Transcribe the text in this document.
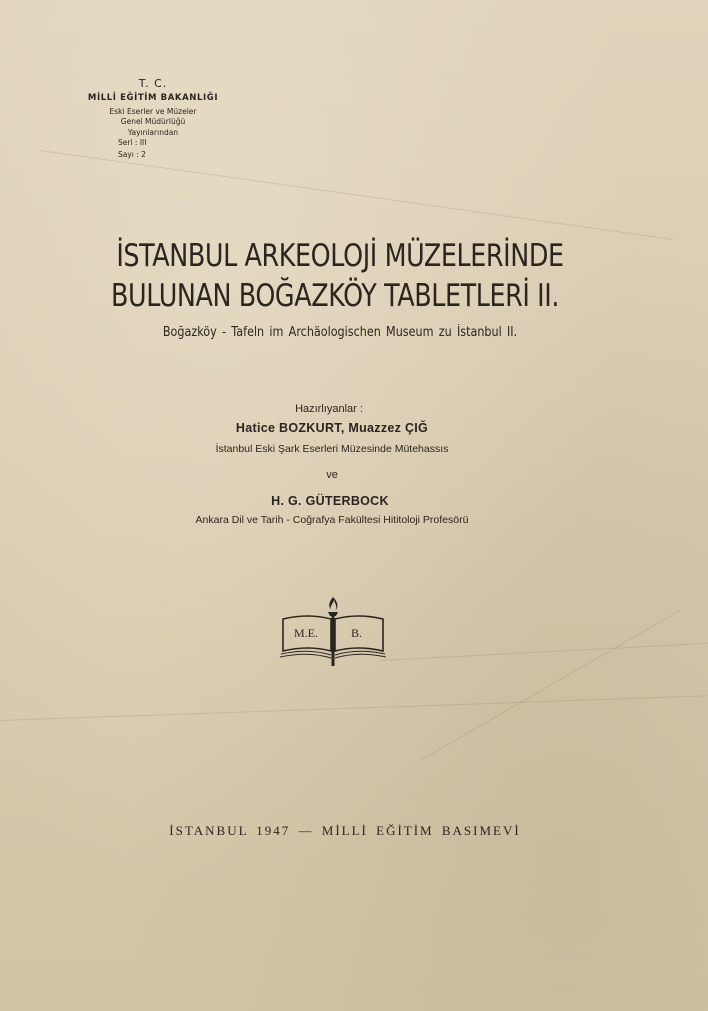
T. C.
MİLLİ EĞİTİM BAKANLIĞI
Eski Eserler ve Müzeler
Genel Müdürlüğü
Yayınlarından
Seri : III
Sayı : 2
İSTANBUL ARKEOLOJİ MÜZELERİNDE
BULUNAN BOĞAZKÖY TABLETLERİ II.
Boğazköy - Tafeln im Archäologischen Museum zu İstanbul II.
Hazırlıyanlar :
Hatice BOZKURT, Muazzez ÇIĞ
İstanbul Eski Şark Eserleri Müzesinde Mütehassıs
ve
H. G. GÜTERBOCK
Ankara Dil ve Tarih - Coğrafya Fakültesi Hititoloji Profesörü
M.E.	B.
İSTANBUL 1947 — MİLLİ EĞİTİM BASIMEVİ
